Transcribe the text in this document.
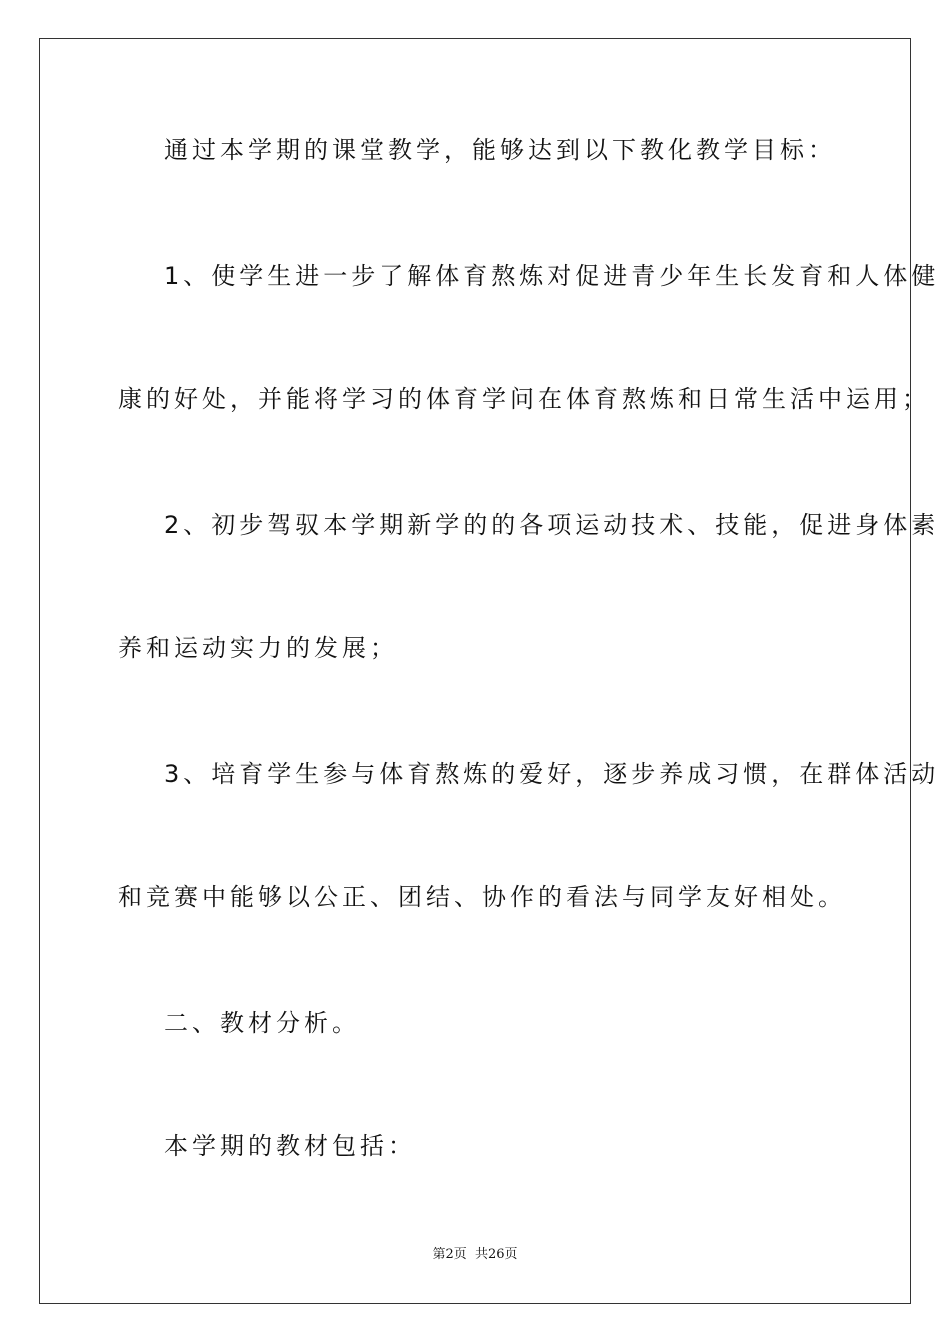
通过本学期的课堂教学，能够达到以下教化教学目标：
1、使学生进一步了解体育熬炼对促进青少年生长发育和人体健
康的好处，并能将学习的体育学问在体育熬炼和日常生活中运用；
2、初步驾驭本学期新学的的各项运动技术、技能，促进身体素
养和运动实力的发展；
3、培育学生参与体育熬炼的爱好，逐步养成习惯，在群体活动
和竞赛中能够以公正、团结、协作的看法与同学友好相处。
二、教材分析。
本学期的教材包括：
第2页 共26页
